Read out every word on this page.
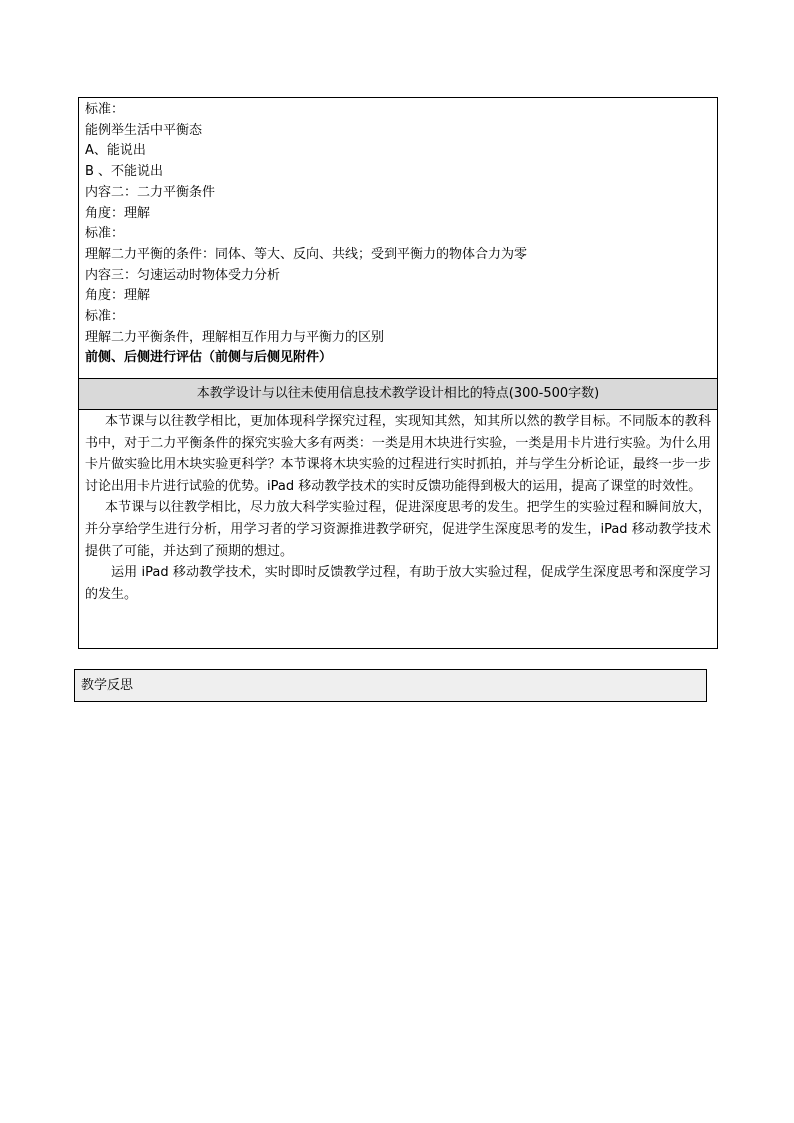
标准：
能例举生活中平衡态
A、能说出
B 、不能说出
内容二：二力平衡条件
角度：理解
标准：
理解二力平衡的条件：同体、等大、反向、共线；受到平衡力的物体合力为零
内容三：匀速运动时物体受力分析
角度：理解
标准：
理解二力平衡条件，理解相互作用力与平衡力的区别
前侧、后侧进行评估（前侧与后侧见附件）
本教学设计与以往未使用信息技术教学设计相比的特点(300-500字数)

本节课与以往教学相比，更加体现科学探究过程，实现知其然，知其所以然的教学目标。不同版本的教科书中，对于二力平衡条件的探究实验大多有两类：一类是用木块进行实验，一类是用卡片进行实验。为什么用卡片做实验比用木块实验更科学？本节课将木块实验的过程进行实时抓拍，并与学生分析论证，最终一步一步讨论出用卡片进行试验的优势。iPad 移动教学技术的实时反馈功能得到极大的运用，提高了课堂的时效性。

本节课与以往教学相比，尽力放大科学实验过程，促进深度思考的发生。把学生的实验过程和瞬间放大，并分享给学生进行分析，用学习者的学习资源推进教学研究，促进学生深度思考的发生，iPad 移动教学技术提供了可能，并达到了预期的想过。

运用 iPad 移动教学技术，实时即时反馈教学过程，有助于放大实验过程，促成学生深度思考和深度学习的发生。

教学反思
